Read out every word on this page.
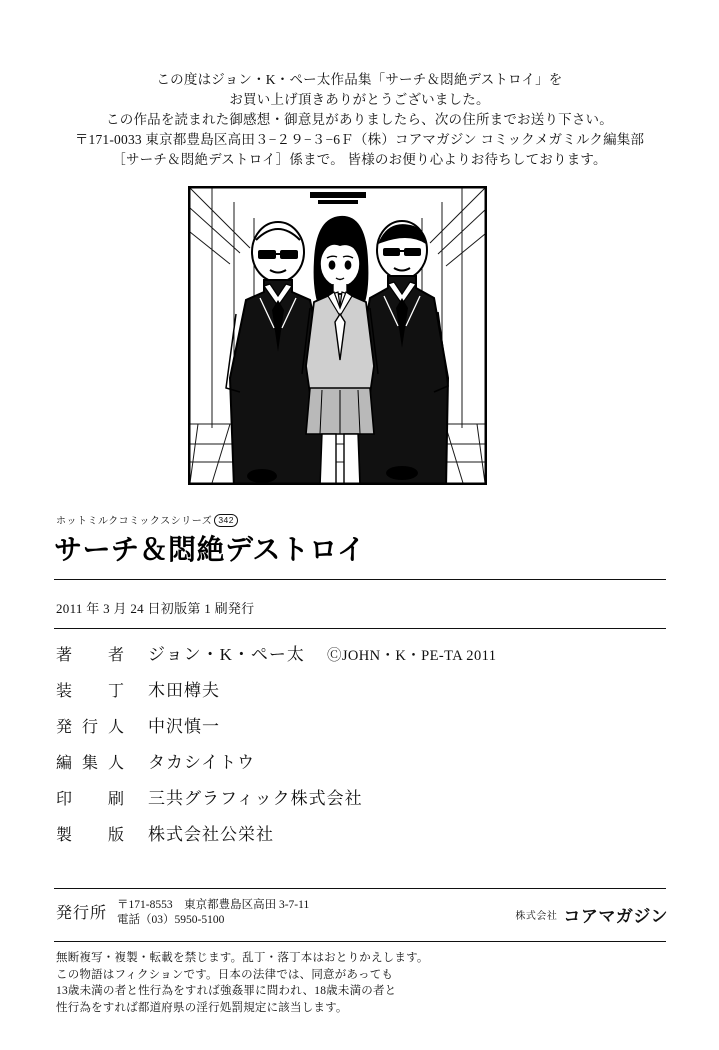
この度はジョン・K・ペー太作品集「サーチ＆悶絶デストロイ」を
お買い上げ頂きありがとうございました。
この作品を読まれた御感想・御意見がありましたら、次の住所までお送り下さい。
〒171-0033 東京都豊島区高田３−２９−３−6Ｆ（株）コアマガジン コミックメガミルク編集部
［サーチ＆悶絶デストロイ］係まで。 皆様のお便り心よりお待ちしております。
ホットミルクコミックスシリーズ 342
サーチ＆悶絶デストロイ
2011 年 3 月 24 日初版第 1 刷発行
著　者 ジョン・K・ペー太 ⒸJOHN・K・PE-TA 2011
装　丁 木田樽夫
発行人 中沢慎一
編集人 タカシイトウ
印　刷 三共グラフィック株式会社
製　版 株式会社公栄社
発行所 〒171-8553　東京都豊島区高田 3-7-11
電話（03）5950-5100	株式会社 コアマガジン
無断複写・複製・転載を禁じます。乱丁・落丁本はおとりかえします。
この物語はフィクションです。日本の法律では、同意があっても
13歳未満の者と性行為をすれば強姦罪に問われ、18歳未満の者と
性行為をすれば都道府県の淫行処罰規定に該当します。
